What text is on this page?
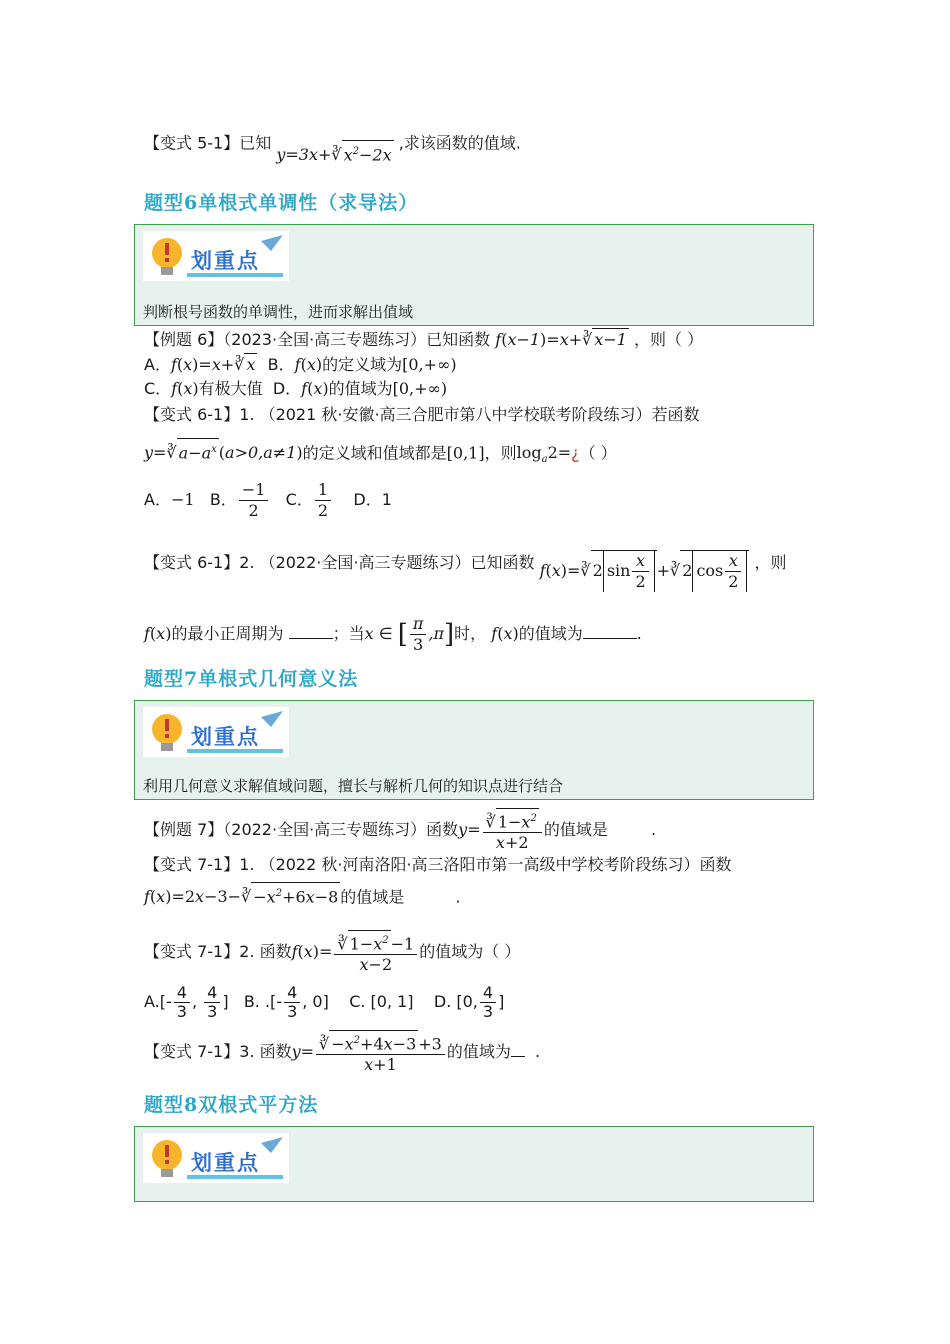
【变式 5-1】已知 y=3x+∛ $x^2-2x$ ,求该函数的值域.
题型6单根式单调性（求导法）
划重点
判断根号函数的单调性，进而求解出值域
【例题 6】（2023·全国·高三专题练习）已知函数 f(x−1)=x+∛ x−1 ，则（ ）
A．f(x)=x+∛ x B．f(x)的定义域为[0,+∞)
C．f(x)有极大值 D．f(x)的值域为[0,+∞)
【变式 6-1】1. （2021 秋·安徽·高三合肥市第八中学校联考阶段练习）若函数
y=∛ $a-a^x$ (a>0,a≠1)的定义域和值域都是[0,1]，则$\log_a2=¿$（ ）
A．−1 B． $\frac{-1}{2}$ C． $\frac{1}{2}$ D．1
【变式 6-1】2. （2022·全国·高三专题练习）已知函数 f(x)=∛ 2 $\sin \frac{x}{2}$ +∛ 2 $\cos \frac{x}{2}$ ，则
f(x)的最小正周期为	；当x ∈ [ $\frac{\pi}{3} ,\pi$]时， f(x)的值域为	.
题型7单根式几何意义法
划重点
利用几何意义求解值域问题，擅长与解析几何的知识点进行结合
【例题 7】（2022·全国·高三专题练习）函数$y= \frac{∛ 1-x^2}{x+2}$ 的值域是	.
【变式 7-1】1. （2022 秋·河南洛阳·高三洛阳市第一高级中学校考阶段练习）函数
f(x)=2x−3−∛ $-x^2+6x-8$ 的值域是	.
【变式 7-1】2. 函数$f(x)= \frac{∛ 1-x^2 -1}{x-2}$ 的值域为（ ）
$A.[- \frac{4}{3}$ , $\frac{4}{3}$ ]   B. .[- $\frac{4}{3}$ , 0]    C. [0, 1] D. [0, $\frac{4}{3}$ ]
【变式 7-1】3. 函数$y= \frac{∛ -x^2+4x-3 +3}{x+1}$ 的值域为  .
题型8双根式平方法
划重点
